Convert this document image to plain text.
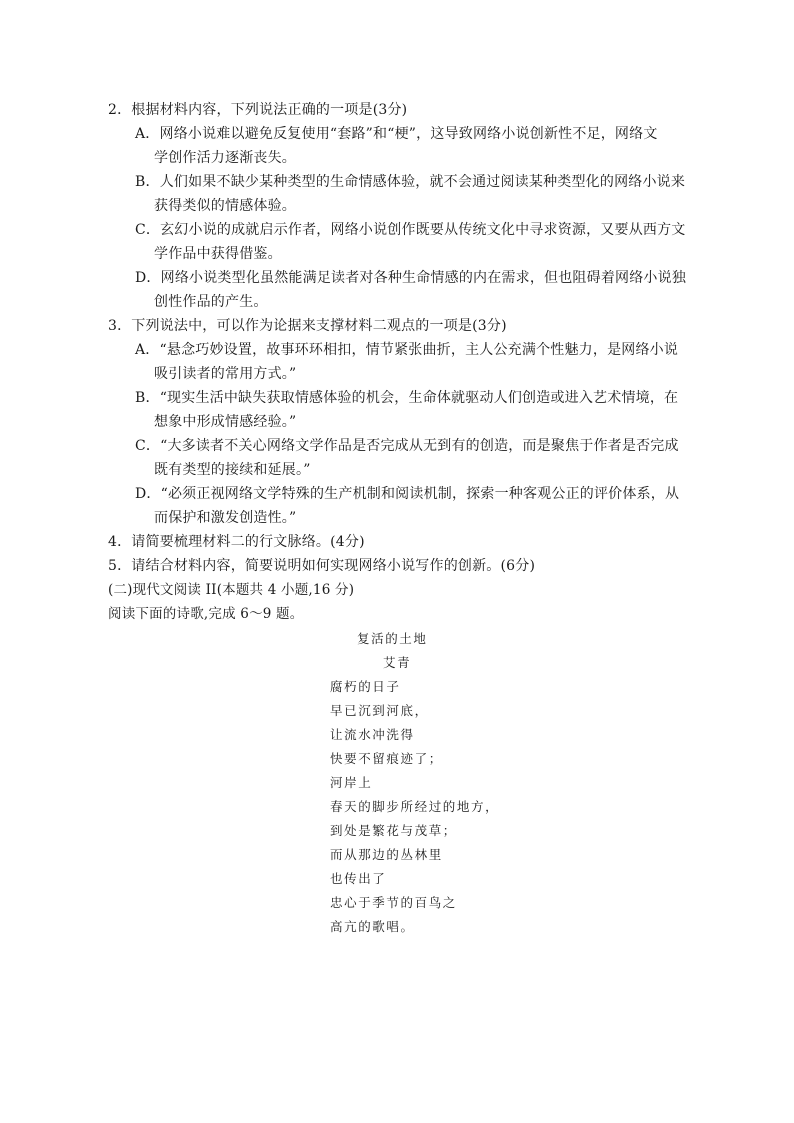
2．根据材料内容，下列说法正确的一项是(3分)
A．网络小说难以避免反复使用“套路”和“梗”，这导致网络小说创新性不足，网络文
学创作活力逐渐丧失。
B．人们如果不缺少某种类型的生命情感体验，就不会通过阅读某种类型化的网络小说来
获得类似的情感体验。
C．玄幻小说的成就启示作者，网络小说创作既要从传统文化中寻求资源，又要从西方文
学作品中获得借鉴。
D．网络小说类型化虽然能满足读者对各种生命情感的内在需求，但也阻碍着网络小说独
创性作品的产生。
3．下列说法中，可以作为论据来支撑材料二观点的一项是(3分)
A．“悬念巧妙设置，故事环环相扣，情节紧张曲折，主人公充满个性魅力，是网络小说
吸引读者的常用方式。”
B．“现实生活中缺失获取情感体验的机会，生命体就驱动人们创造或进入艺术情境，在
想象中形成情感经验。”
C．“大多读者不关心网络文学作品是否完成从无到有的创造，而是聚焦于作者是否完成
既有类型的接续和延展。”
D．“必须正视网络文学特殊的生产机制和阅读机制，探索一种客观公正的评价体系，从
而保护和激发创造性。”
4．请简要梳理材料二的行文脉络。(4分)
5．请结合材料内容，简要说明如何实现网络小说写作的创新。(6分)
(二)现代文阅读 II(本题共 4 小题,16 分)
阅读下面的诗歌,完成 6～9 题。
复活的土地
艾青
腐朽的日子
早已沉到河底，
让流水冲洗得
快要不留痕迹了；
河岸上
春天的脚步所经过的地方，
到处是繁花与茂草；
而从那边的丛林里
也传出了
忠心于季节的百鸟之
高亢的歌唱。
